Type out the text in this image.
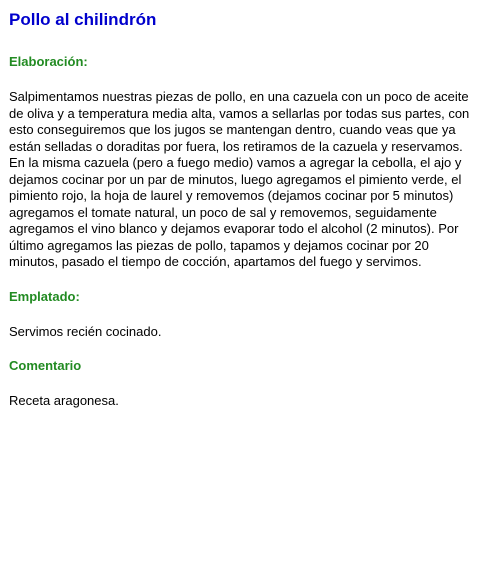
Pollo al chilindrón
Elaboración:

Salpimentamos nuestras piezas de pollo, en una cazuela con un poco de aceite de oliva y a temperatura media alta, vamos a sellarlas por todas sus partes, con esto conseguiremos que los jugos se mantengan dentro, cuando veas que ya están selladas o doraditas por fuera, los retiramos de la cazuela y reservamos. En la misma cazuela (pero a fuego medio) vamos a agregar la cebolla, el ajo y dejamos cocinar por un par de minutos, luego agregamos el pimiento verde, el pimiento rojo, la hoja de laurel y removemos (dejamos cocinar por 5 minutos) agregamos el tomate natural, un poco de sal y removemos, seguidamente agregamos el vino blanco y dejamos evaporar todo el alcohol (2 minutos). Por último agregamos las piezas de pollo, tapamos y dejamos cocinar por 20 minutos, pasado el tiempo de cocción, apartamos del fuego y servimos.

Emplatado:

Servimos recién cocinado.

Comentario

Receta aragonesa.
